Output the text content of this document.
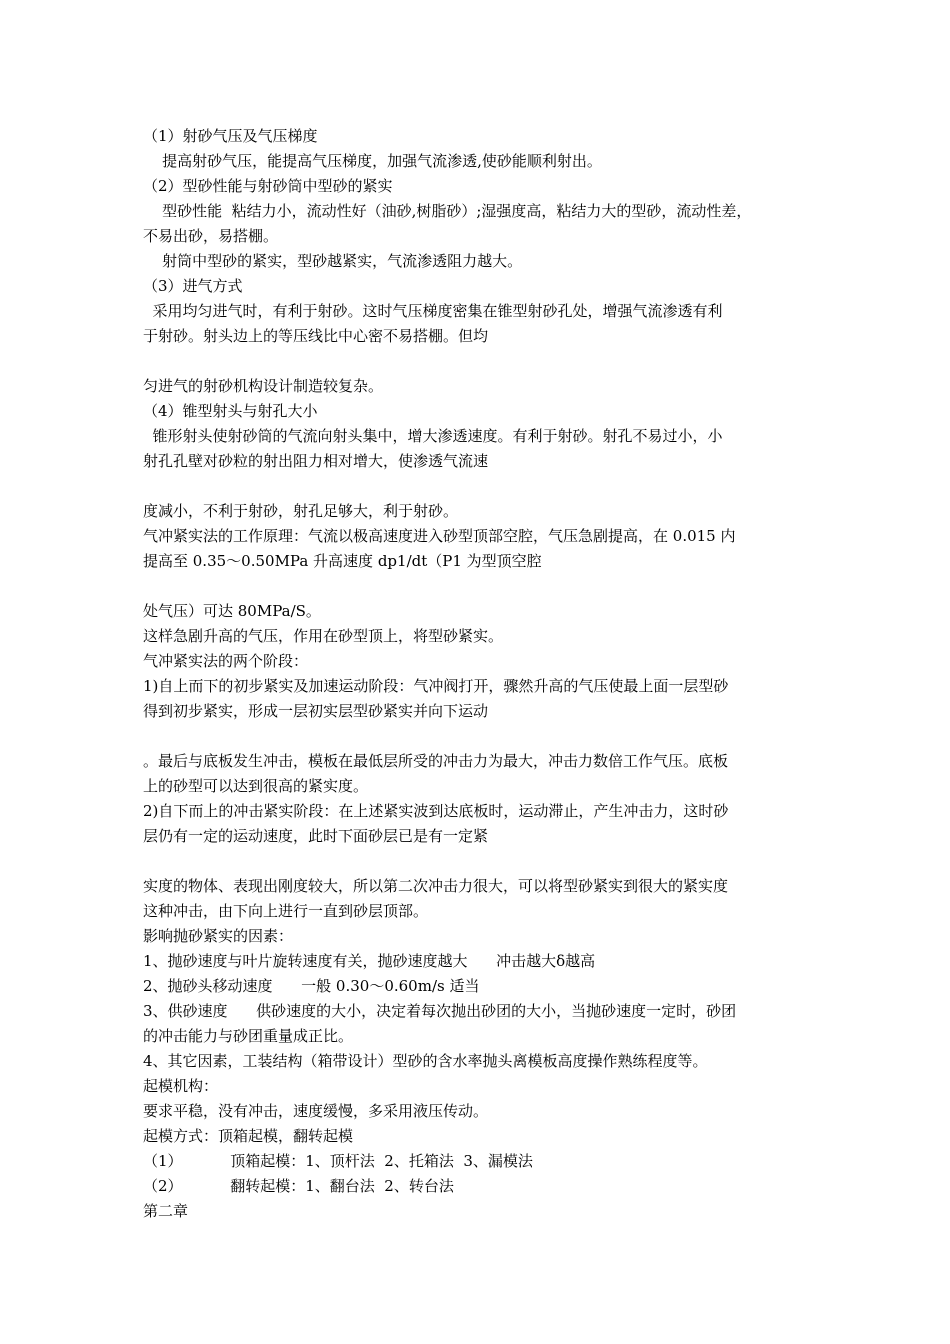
（1）射砂气压及气压梯度
提高射砂气压，能提高气压梯度，加强气流渗透,使砂能顺利射出。
（2）型砂性能与射砂筒中型砂的紧实
型砂性能  粘结力小，流动性好（油砂,树脂砂）;湿强度高，粘结力大的型砂，流动性差，
不易出砂，易搭棚。
射筒中型砂的紧实，型砂越紧实，气流渗透阻力越大。
（3）进气方式
采用均匀进气时，有利于射砂。这时气压梯度密集在锥型射砂孔处，增强气流渗透有利
于射砂。射头边上的等压线比中心密不易搭棚。但均
匀进气的射砂机构设计制造较复杂。
（4）锥型射头与射孔大小
锥形射头使射砂筒的气流向射头集中，增大渗透速度。有利于射砂。射孔不易过小，小
射孔孔壁对砂粒的射出阻力相对增大，使渗透气流速
度减小，不利于射砂，射孔足够大，利于射砂。
气冲紧实法的工作原理：气流以极高速度进入砂型顶部空腔，气压急剧提高，在 0.015 内
提高至 0.35～0.50MPa 升高速度 dp1/dt（P1 为型顶空腔
处气压）可达 80MPa/S。
这样急剧升高的气压，作用在砂型顶上，将型砂紧实。
气冲紧实法的两个阶段：
1)自上而下的初步紧实及加速运动阶段：气冲阀打开，骤然升高的气压使最上面一层型砂
得到初步紧实，形成一层初实层型砂紧实并向下运动
。最后与底板发生冲击，模板在最低层所受的冲击力为最大，冲击力数倍工作气压。底板
上的砂型可以达到很高的紧实度。
2)自下而上的冲击紧实阶段：在上述紧实波到达底板时，运动滞止，产生冲击力，这时砂
层仍有一定的运动速度，此时下面砂层已是有一定紧
实度的物体、表现出刚度较大，所以第二次冲击力很大，可以将型砂紧实到很大的紧实度
这种冲击，由下向上进行一直到砂层顶部。
影响抛砂紧实的因素：
1、抛砂速度与叶片旋转速度有关，抛砂速度越大      冲击越大δ越高
2、抛砂头移动速度      一般 0.30～0.60m/s 适当
3、供砂速度      供砂速度的大小，决定着每次抛出砂团的大小，当抛砂速度一定时，砂团
的冲击能力与砂团重量成正比。
4、其它因素，工装结构（箱带设计）型砂的含水率抛头离模板高度操作熟练程度等。
起模机构：
要求平稳，没有冲击，速度缓慢，多采用液压传动。
起模方式：顶箱起模，翻转起模
（1）          顶箱起模：1、顶杆法  2、托箱法  3、漏模法
（2）          翻转起模：1、翻台法  2、转台法
第二章
